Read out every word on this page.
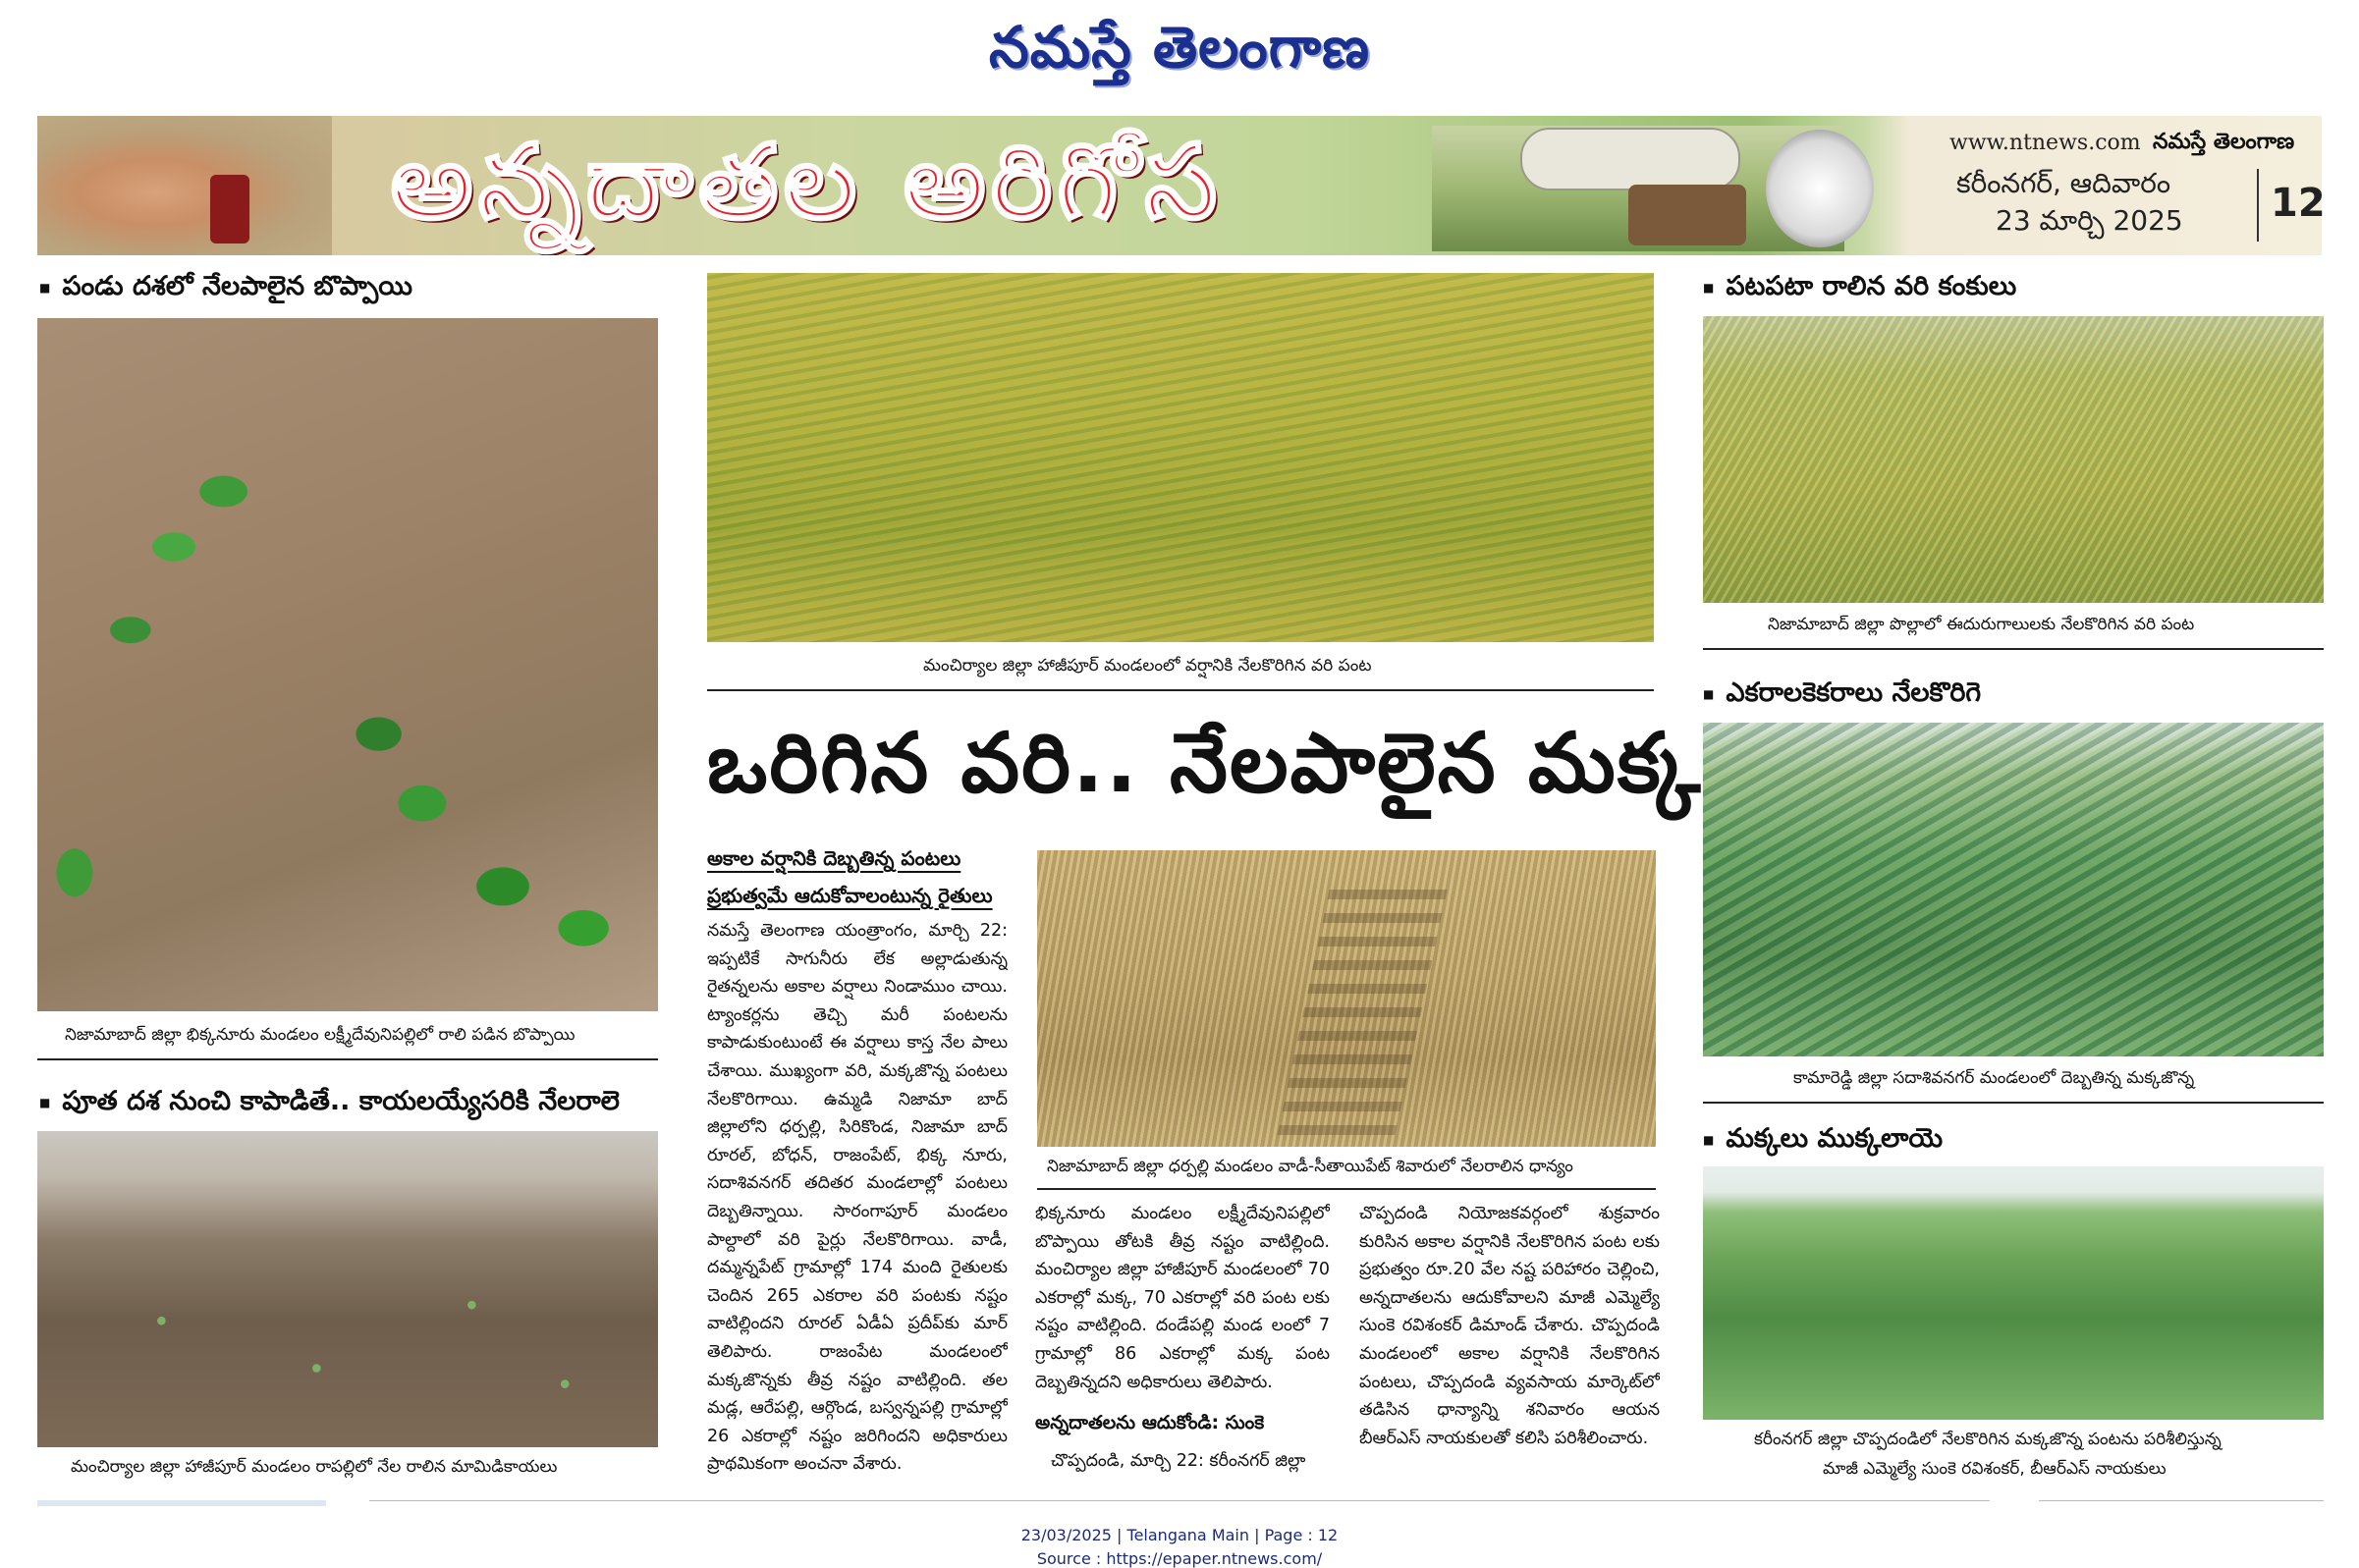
నమస్తే తెలంగాణ
అన్నదాతల అరిగోస	www.ntnews.com నమస్తే తెలంగాణ
కరీంనగర్, ఆదివారం
23 మార్చి 2025 12
■ పండు దశలో నేలపాలైన బొప్పాయి
నిజామాబాద్ జిల్లా భిక్కనూరు మండలం లక్ష్మీదేవునిపల్లిలో రాలి పడిన బొప్పాయి
■ పూత దశ నుంచి కాపాడితే.. కాయలయ్యేసరికి నేలరాలె
మంచిర్యాల జిల్లా హాజీపూర్ మండలం రాపల్లిలో నేల రాలిన మామిడికాయలు
మంచిర్యాల జిల్లా హాజీపూర్ మండలంలో వర్షానికి నేలకొరిగిన వరి పంట
ఒరిగిన వరి.. నేలపాలైన మక్క
అకాల వర్షానికి దెబ్బతిన్న పంటలు
ప్రభుత్వమే ఆదుకోవాలంటున్న రైతులు
నమస్తే తెలంగాణ యంత్రాంగం, మార్చి 22: ఇప్పటికే సాగునీరు లేక అల్లాడుతున్న రైతన్నలను అకాల వర్షాలు నిండాముం చాయి. ట్యాంకర్లను తెచ్చి మరీ పంటలను కాపాడుకుంటుంటే ఈ వర్షాలు కాస్త నేల పాలు చేశాయి. ముఖ్యంగా వరి, మక్కజొన్న పంటలు నేలకొరిగాయి. ఉమ్మడి నిజామా బాద్ జిల్లాలోని ధర్పల్లి, సిరికొండ, నిజామా బాద్ రూరల్, బోధన్, రాజంపేట్, భిక్క నూరు, సదాశివనగర్ తదితర మండలాల్లో పంటలు దెబ్బతిన్నాయి. సారంగాపూర్ మండలం పాల్దాలో వరి పైర్లు నేలకొరిగాయి. వాడీ, దమ్మన్నపేట్ గ్రామాల్లో 174 మంది రైతులకు చెందిన 265 ఎకరాల వరి పంటకు నష్టం వాటిల్లిందని రూరల్ ఏడీఏ ప్రదీప్‌కు మార్ తెలిపారు. రాజంపేట మండలంలో మక్కజొన్నకు తీవ్ర నష్టం వాటిల్లింది. తల మడ్ల, ఆరేపల్లి, ఆర్గొండ, బస్వన్నపల్లి గ్రామాల్లో 26 ఎకరాల్లో నష్టం జరిగిందని అధికారులు ప్రాథమికంగా అంచనా వేశారు.
నిజామాబాద్ జిల్లా ధర్పల్లి మండలం వాడీ-సీతాయిపేట్ శివారులో నేలరాలిన ధాన్యం
భిక్కనూరు మండలం లక్ష్మీదేవునిపల్లిలో బొప్పాయి తోటకి తీవ్ర నష్టం వాటిల్లింది. మంచిర్యాల జిల్లా హాజీపూర్ మండలంలో 70 ఎకరాల్లో మక్క, 70 ఎకరాల్లో వరి పంట లకు నష్టం వాటిల్లింది. దండేపల్లి మండ లంలో 7 గ్రామాల్లో 86 ఎకరాల్లో మక్క పంట దెబ్బతిన్నదని అధికారులు తెలిపారు.
అన్నదాతలను ఆదుకోండి: సుంకె
చొప్పదండి, మార్చి 22: కరీంనగర్ జిల్లా
చొప్పదండి నియోజకవర్గంలో శుక్రవారం కురిసిన అకాల వర్షానికి నేలకొరిగిన పంట లకు ప్రభుత్వం రూ.20 వేల నష్ట పరిహారం చెల్లించి, అన్నదాతలను ఆదుకోవాలని మాజీ ఎమ్మెల్యే సుంకె రవిశంకర్ డిమాండ్ చేశారు. చొప్పదండి మండలంలో అకాల వర్షానికి నేలకొరిగిన పంటలు, చొప్పదండి వ్యవసాయ మార్కెట్‌లో తడిసిన ధాన్యాన్ని శనివారం ఆయన బీఆర్‌ఎస్ నాయకులతో కలిసి పరిశీలించారు.
■ పటపటా రాలిన వరి కంకులు
నిజామాబాద్ జిల్లా పొల్లాలో ఈదురుగాలులకు నేలకొరిగిన వరి పంట
■ ఎకరాలకెకరాలు నేలకొరిగె
కామారెడ్డి జిల్లా సదాశివనగర్ మండలంలో దెబ్బతిన్న మక్కజొన్న
■ మక్కలు ముక్కలాయె
కరీంనగర్ జిల్లా చొప్పదండిలో నేలకొరిగిన మక్కజొన్న పంటను పరిశీలిస్తున్న
మాజీ ఎమ్మెల్యే సుంకె రవిశంకర్, బీఆర్ఎస్ నాయకులు
23/03/2025 | Telangana Main | Page : 12
Source : https://epaper.ntnews.com/
